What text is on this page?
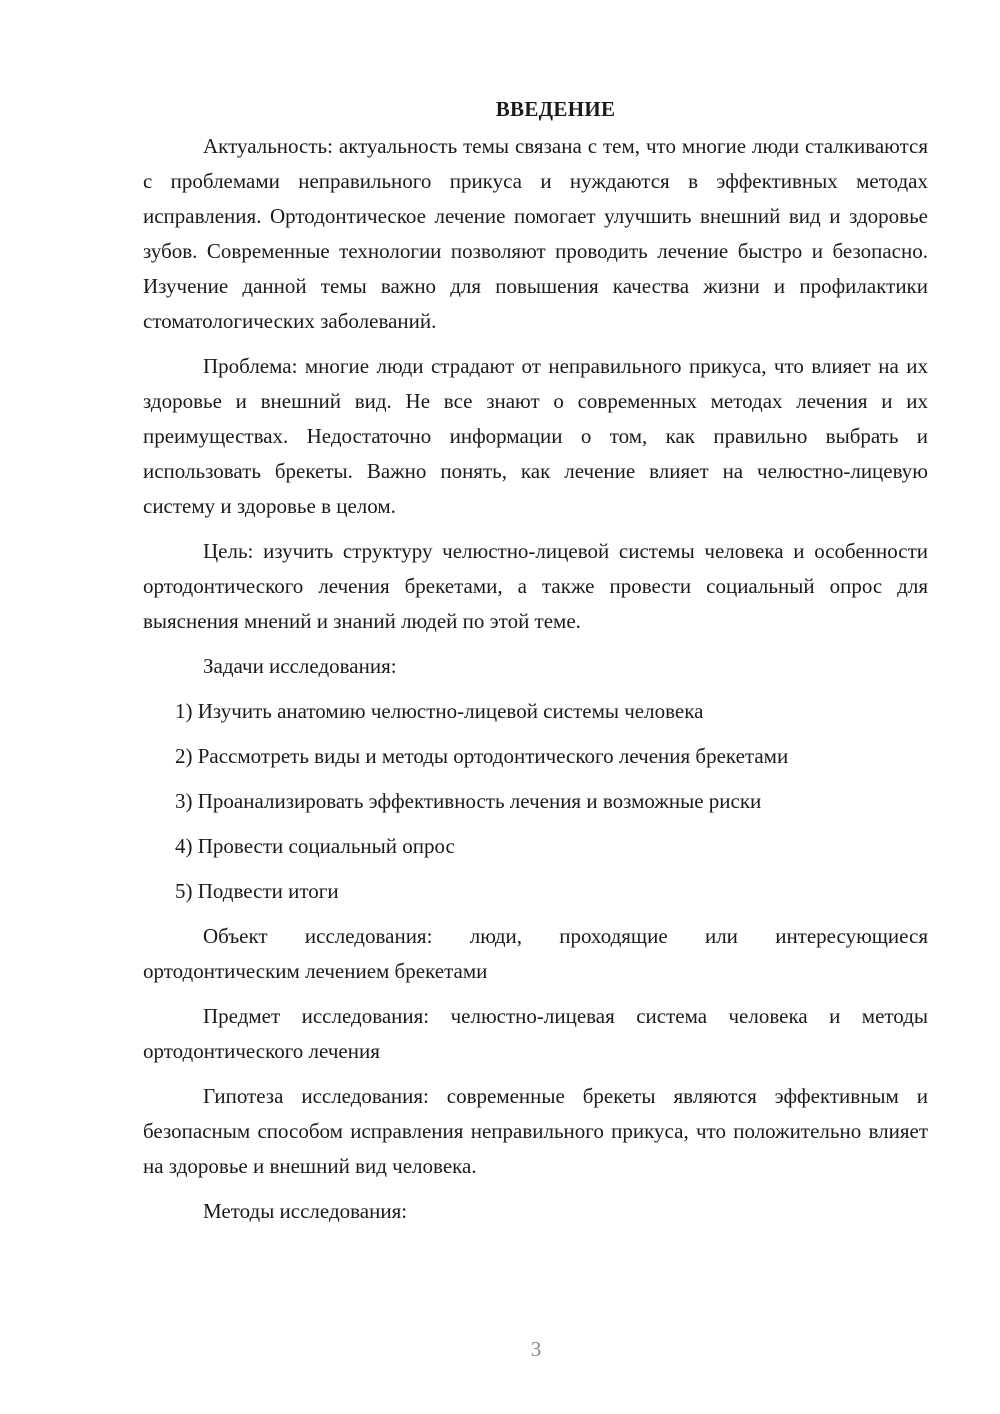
ВВЕДЕНИЕ

Актуальность: актуальность темы связана с тем, что многие люди сталкиваются с проблемами неправильного прикуса и нуждаются в эффективных методах исправления. Ортодонтическое лечение помогает улучшить внешний вид и здоровье зубов. Современные технологии позволяют проводить лечение быстро и безопасно. Изучение данной темы важно для повышения качества жизни и профилактики стоматологических заболеваний.

Проблема: многие люди страдают от неправильного прикуса, что влияет на их здоровье и внешний вид. Не все знают о современных методах лечения и их преимуществах. Недостаточно информации о том, как правильно выбрать и использовать брекеты. Важно понять, как лечение влияет на челюстно-лицевую систему и здоровье в целом.

Цель: изучить структуру челюстно-лицевой системы человека и особенности ортодонтического лечения брекетами, а также провести социальный опрос для выяснения мнений и знаний людей по этой теме.

Задачи исследования:
1) Изучить анатомию челюстно-лицевой системы человека
2) Рассмотреть виды и методы ортодонтического лечения брекетами
3) Проанализировать эффективность лечения и возможные риски
4) Провести социальный опрос
5) Подвести итоги

Объект исследования: люди, проходящие или интересующиеся ортодонтическим лечением брекетами

Предмет исследования: челюстно-лицевая система человека и методы ортодонтического лечения

Гипотеза исследования: современные брекеты являются эффективным и безопасным способом исправления неправильного прикуса, что положительно влияет на здоровье и внешний вид человека.

Методы исследования:
3
